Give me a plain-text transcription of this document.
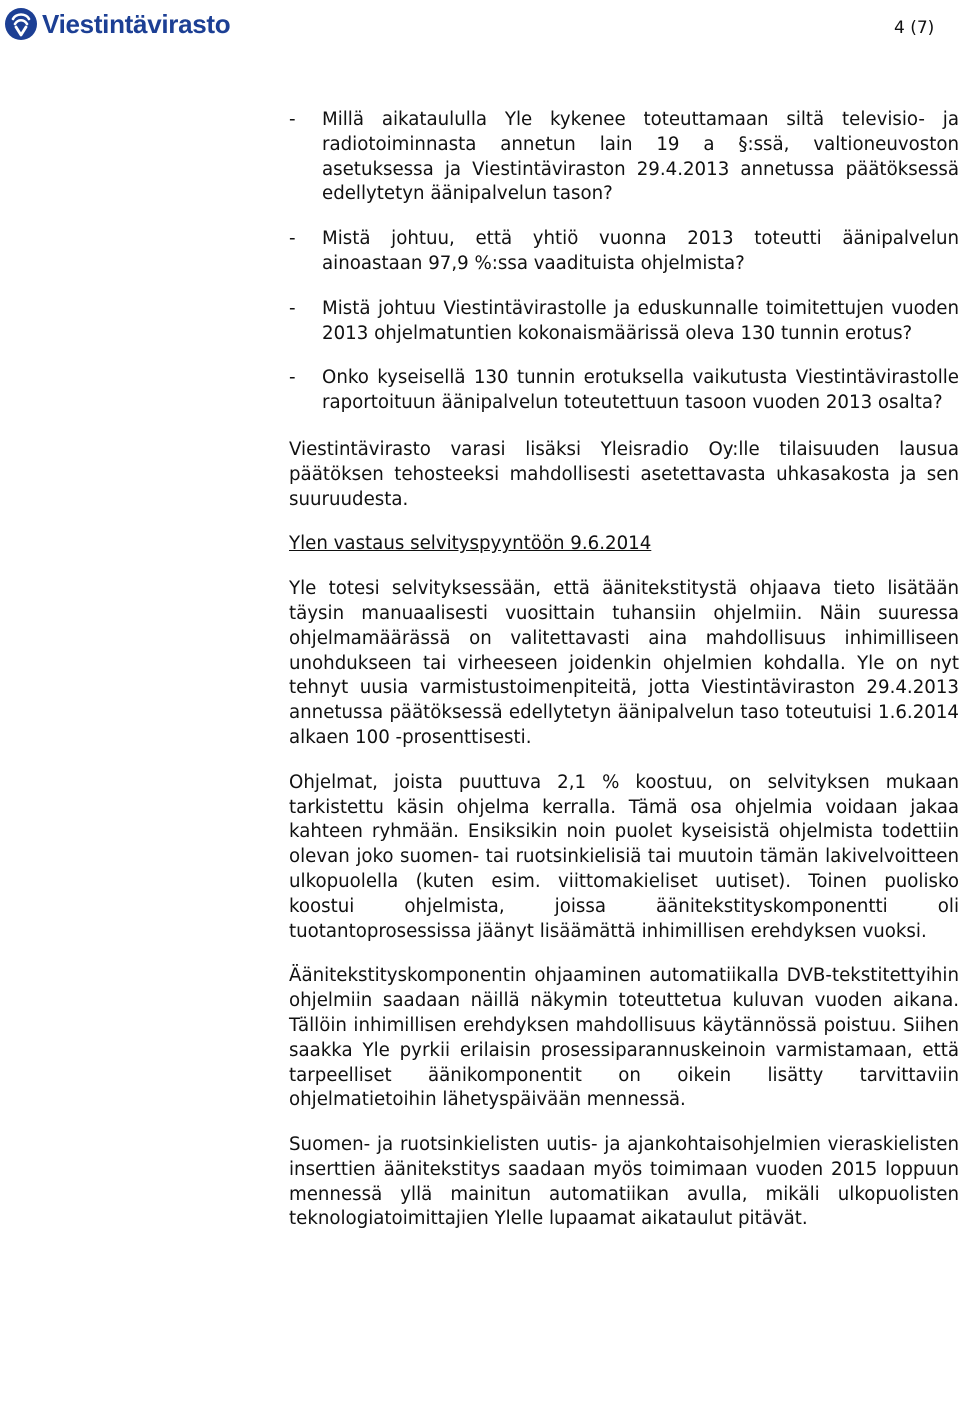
Viestintävirasto	4 (7)
- Millä aikataululla Yle kykenee toteuttamaan siltä televisio- ja radiotoiminnasta annetun lain 19 a §:ssä, valtioneuvoston asetuksessa ja Viestintäviraston 29.4.2013 annetussa päätöksessä edellytetyn äänipalvelun tason?
- Mistä johtuu, että yhtiö vuonna 2013 toteutti äänipalvelun ainoastaan 97,9 %:ssa vaadituista ohjelmista?
- Mistä johtuu Viestintävirastolle ja eduskunnalle toimitettujen vuoden 2013 ohjelmatuntien kokonaismäärissä oleva 130 tunnin erotus?
- Onko kyseisellä 130 tunnin erotuksella vaikutusta Viestintävirastolle raportoituun äänipalvelun toteutettuun tasoon vuoden 2013 osalta?

Viestintävirasto varasi lisäksi Yleisradio Oy:lle tilaisuuden lausua päätöksen tehosteeksi mahdollisesti asetettavasta uhkasakosta ja sen suuruudesta.

Ylen vastaus selvityspyyntöön 9.6.2014

Yle totesi selvityksessään, että äänitekstitystä ohjaava tieto lisätään täysin manuaalisesti vuosittain tuhansiin ohjelmiin. Näin suuressa ohjelmamäärässä on valitettavasti aina mahdollisuus inhimilliseen unohdukseen tai virheeseen joidenkin ohjelmien kohdalla. Yle on nyt tehnyt uusia varmistustoimenpiteitä, jotta Viestintäviraston 29.4.2013 annetussa päätöksessä edellytetyn äänipalvelun taso toteutuisi 1.6.2014 alkaen 100 -prosenttisesti.

Ohjelmat, joista puuttuva 2,1 % koostuu, on selvityksen mukaan tarkistettu käsin ohjelma kerralla. Tämä osa ohjelmia voidaan jakaa kahteen ryhmään. Ensiksikin noin puolet kyseisistä ohjelmista todettiin olevan joko suomen- tai ruotsinkielisiä tai muutoin tämän lakivelvoitteen ulkopuolella (kuten esim. viittomakieliset uutiset). Toinen puolisko koostui ohjelmista, joissa äänitekstityskomponentti oli tuotantoprosessissa jäänyt lisäämättä inhimillisen erehdyksen vuoksi.

Äänitekstityskomponentin ohjaaminen automatiikalla DVB-tekstitettyihin ohjelmiin saadaan näillä näkymin toteuttetua kuluvan vuoden aikana. Tällöin inhimillisen erehdyksen mahdollisuus käytännössä poistuu. Siihen saakka Yle pyrkii erilaisin prosessiparannuskeinoin varmistamaan, että tarpeelliset äänikomponentit on oikein lisätty tarvittaviin ohjelmatietoihin lähetyspäivään mennessä.

Suomen- ja ruotsinkielisten uutis- ja ajankohtaisohjelmien vieraskielisten inserttien äänitekstitys saadaan myös toimimaan vuoden 2015 loppuun mennessä yllä mainitun automatiikan avulla, mikäli ulkopuolisten teknologiatoimittajien Ylelle lupaamat aikataulut pitävät.
